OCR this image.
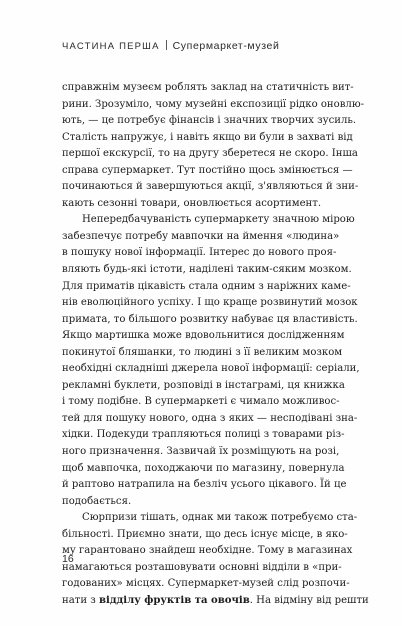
ЧАСТИНА ПЕРША Супермаркет-музей

справжнім музеєм роблять заклад на статичність вит-
рини. Зрозуміло, чому музейні експозиції рідко оновлю-
ють, — це потребує фінансів і значних творчих зусиль.
Сталість напружує, і навіть якщо ви були в захваті від
першої екскурсії, то на другу зберетеся не скоро. Інша
справа супермаркет. Тут постійно щось змінюється —
починаються й завершуються акції, з'являються й зни-
кають сезонні товари, оновлюється асортимент.

Непередбачуваність супермаркету значною мірою
забезпечує потребу мавпочки на ймення «людина»
в пошуку нової інформації. Інтерес до нового проя-
вляють будь-які істоти, наділені таким-сяким мозком.
Для приматів цікавість стала одним з наріжних каме-
нів еволюційного успіху. І що краще розвинутий мозок
примата, то більшого розвитку набуває ця властивість.
Якщо мартишка може вдовольнитися дослідженням
покинутої бляшанки, то людині з її великим мозком
необхідні складніші джерела нової інформації: серіали,
рекламні буклети, розповіді в інстаграмі, ця книжка
і тому подібне. В супермаркеті є чимало можливос-
тей для пошуку нового, одна з яких — несподівані зна-
хідки. Подекуди трапляються полиці з товарами різ-
ного призначення. Зазвичай їх розміщують на розі,
щоб мавпочка, походжаючи по магазину, повернула
й раптово натрапила на безліч усього цікавого. Їй це
подобається.

Сюрпризи тішать, однак ми також потребуємо ста-
більності. Приємно знати, що десь існує місце, в яко-
му гарантовано знайдеш необхідне. Тому в магазинах
намагаються розташовувати основні відділи в «при-
годованих» місцях. Супермаркет-музей слід розпочи-
нати з відділу фруктів та овочів. На відміну від решти

16
